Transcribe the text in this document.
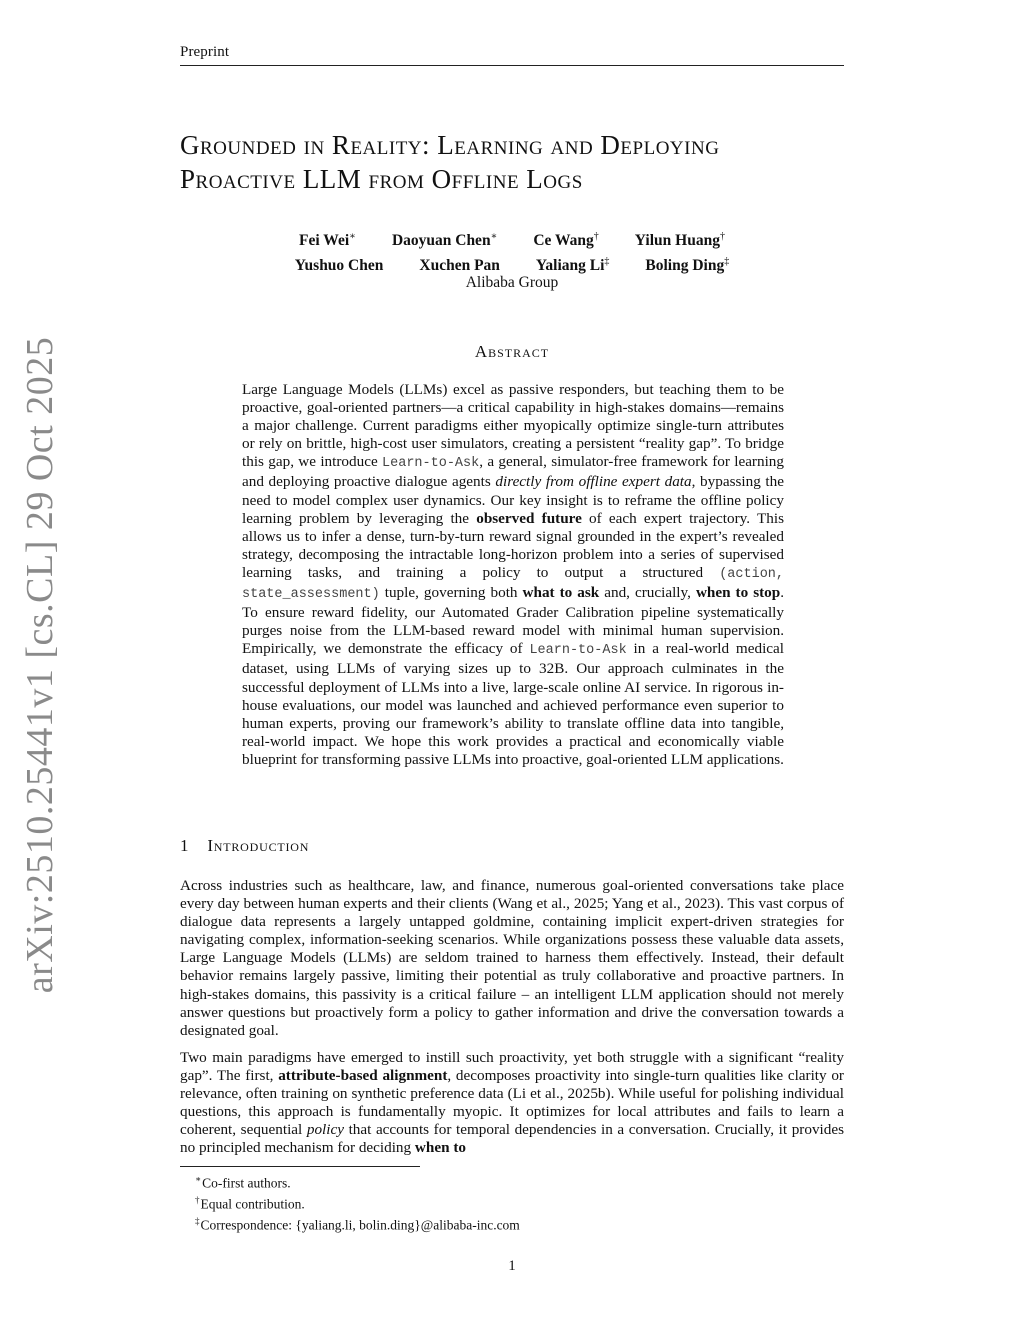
Preprint
arXiv:2510.25441v1 [cs.CL] 29 Oct 2025
Grounded in Reality: Learning and Deploying
Proactive LLM from Offline Logs
Fei Wei∗ Daoyuan Chen∗ Ce Wang† Yilun Huang†
Yushuo Chen Xuchen Pan Yaliang Li‡ Boling Ding‡
Alibaba Group
Abstract

Large Language Models (LLMs) excel as passive responders, but teaching them to be proactive, goal-oriented partners—a critical capability in high-stakes domains—remains a major challenge. Current paradigms either myopically optimize single-turn attributes or rely on brittle, high-cost user simulators, creating a persistent “reality gap”. To bridge this gap, we introduce Learn-to-Ask, a general, simulator-free framework for learning and deploying proactive dialogue agents directly from offline expert data, bypassing the need to model complex user dynamics. Our key insight is to reframe the offline policy learning problem by leveraging the observed future of each expert trajectory. This allows us to infer a dense, turn-by-turn reward signal grounded in the expert’s revealed strategy, decomposing the intractable long-horizon problem into a series of supervised learning tasks, and training a policy to output a structured (action, state_assessment) tuple, governing both what to ask and, crucially, when to stop. To ensure reward fidelity, our Automated Grader Calibration pipeline systematically purges noise from the LLM-based reward model with minimal human supervision. Empirically, we demonstrate the efficacy of Learn-to-Ask in a real-world medical dataset, using LLMs of varying sizes up to 32B. Our approach culminates in the successful deployment of LLMs into a live, large-scale online AI service. In rigorous in-house evaluations, our model was launched and achieved performance even superior to human experts, proving our framework’s ability to translate offline data into tangible, real-world impact. We hope this work provides a practical and economically viable blueprint for transforming passive LLMs into proactive, goal-oriented LLM applications.

1 Introduction

Across industries such as healthcare, law, and finance, numerous goal-oriented conversations take place every day between human experts and their clients (Wang et al., 2025; Yang et al., 2023). This vast corpus of dialogue data represents a largely untapped goldmine, containing implicit expert-driven strategies for navigating complex, information-seeking scenarios. While organizations possess these valuable data assets, Large Language Models (LLMs) are seldom trained to harness them effectively. Instead, their default behavior remains largely passive, limiting their potential as truly collaborative and proactive partners. In high-stakes domains, this passivity is a critical failure – an intelligent LLM application should not merely answer questions but proactively form a policy to gather information and drive the conversation towards a designated goal.

Two main paradigms have emerged to instill such proactivity, yet both struggle with a significant “reality gap”. The first, attribute-based alignment, decomposes proactivity into single-turn qualities like clarity or relevance, often training on synthetic preference data (Li et al., 2025b). While useful for polishing individual questions, this approach is fundamentally myopic. It optimizes for local attributes and fails to learn a coherent, sequential policy that accounts for temporal dependencies in a conversation. Crucially, it provides no principled mechanism for deciding when to

∗Co-first authors.
†Equal contribution.
‡Correspondence: {yaliang.li, bolin.ding}@alibaba-inc.com
1
